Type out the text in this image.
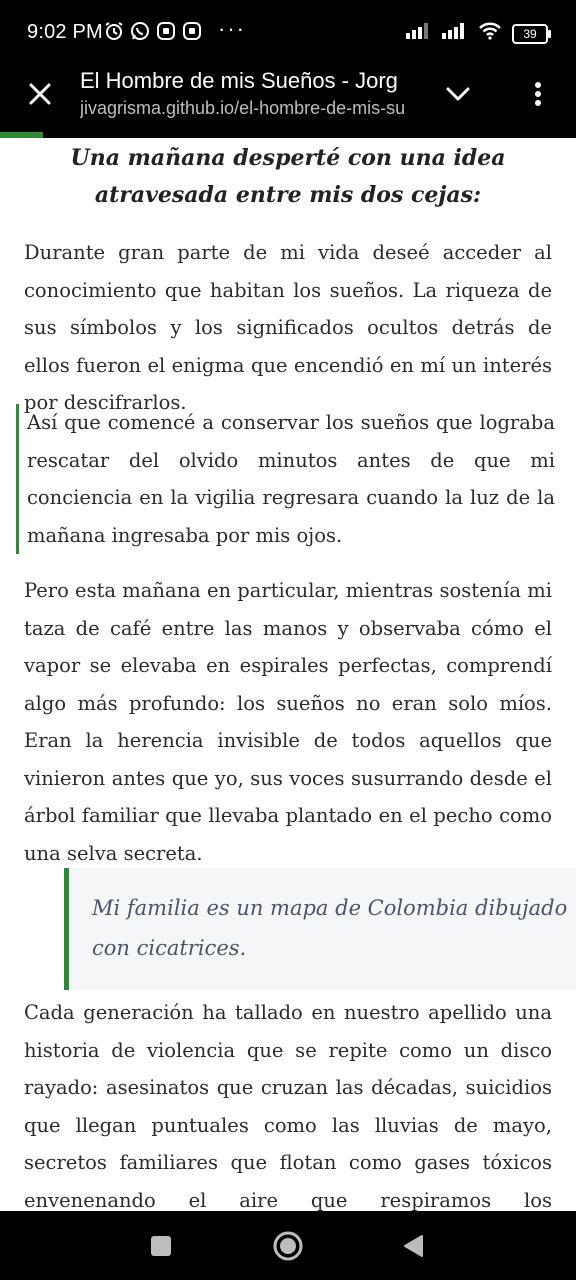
9:02 PM	···	39
El Hombre de mis Sueños - Jorg
jivagrisma.github.io/el-hombre-de-mis-su
Una mañana desperté con una idea atravesada entre mis dos cejas:

Durante gran parte de mi vida deseé acceder al conocimiento que habitan los sueños. La riqueza de sus símbolos y los significados ocultos detrás de ellos fueron el enigma que encendió en mí un interés por descifrarlos.

Así que comencé a conservar los sueños que lograba rescatar del olvido minutos antes de que mi conciencia en la vigilia regresara cuando la luz de la mañana ingresaba por mis ojos.

Pero esta mañana en particular, mientras sostenía mi taza de café entre las manos y observaba cómo el vapor se elevaba en espirales perfectas, comprendí algo más profundo: los sueños no eran solo míos. Eran la herencia invisible de todos aquellos que vinieron antes que yo, sus voces susurrando desde el árbol familiar que llevaba plantado en el pecho como una selva secreta.

Mi familia es un mapa de Colombia dibujado con cicatrices.

Cada generación ha tallado en nuestro apellido una historia de violencia que se repite como un disco rayado: asesinatos que cruzan las décadas, suicidios que llegan puntuales como las lluvias de mayo, secretos familiares que flotan como gases tóxicos envenenando el aire que respiramos los
